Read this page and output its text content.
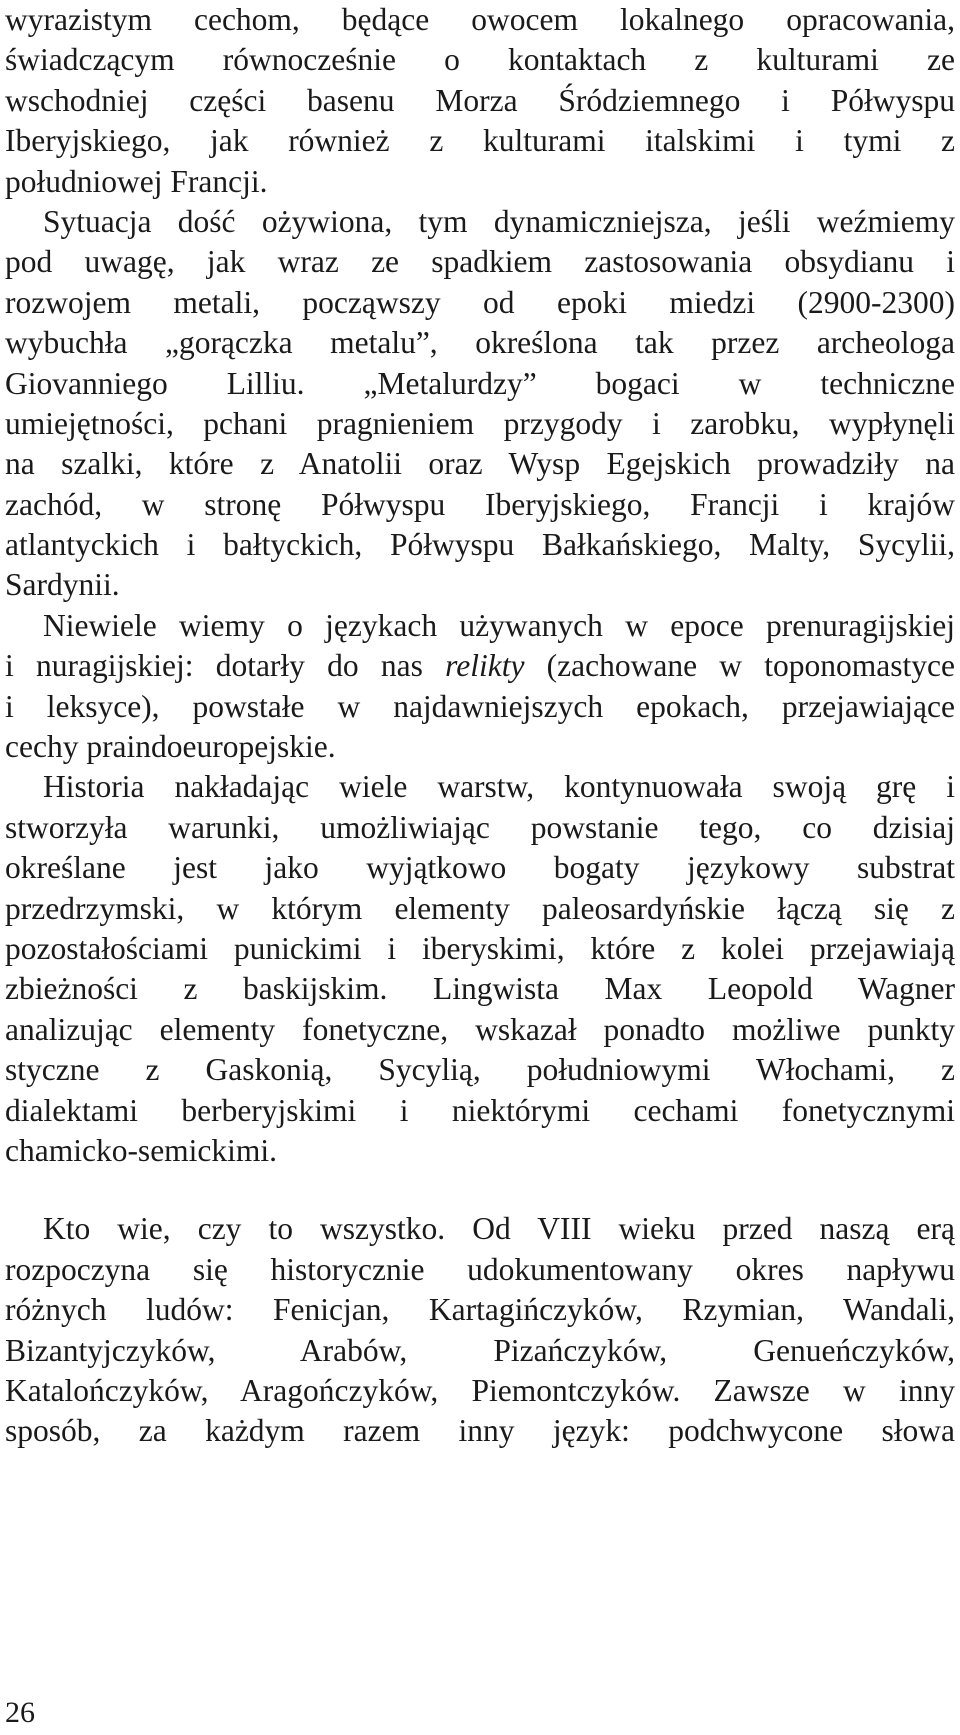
wyrazistym cechom, będące owocem lokalnego opracowania,
świadczącym równocześnie o kontaktach z kulturami ze
wschodniej części basenu Morza Śródziemnego i Półwyspu
Iberyjskiego, jak również z kulturami italskimi i tymi z
południowej Francji.
Sytuacja dość ożywiona, tym dynamiczniejsza, jeśli weźmiemy
pod uwagę, jak wraz ze spadkiem zastosowania obsydianu i
rozwojem metali, począwszy od epoki miedzi (2900-2300)
wybuchła „gorączka metalu”, określona tak przez archeologa
Giovanniego Lilliu. „Metalurdzy” bogaci w techniczne
umiejętności, pchani pragnieniem przygody i zarobku, wypłynęli
na szalki, które z Anatolii oraz Wysp Egejskich prowadziły na
zachód, w stronę Półwyspu Iberyjskiego, Francji i krajów
atlantyckich i bałtyckich, Półwyspu Bałkańskiego, Malty, Sycylii,
Sardynii.
Niewiele wiemy o językach używanych w epoce prenuragijskiej
i nuragijskiej: dotarły do nas relikty (zachowane w toponomastyce
i leksyce), powstałe w najdawniejszych epokach, przejawiające
cechy praindoeuropejskie.
Historia nakładając wiele warstw, kontynuowała swoją grę i
stworzyła warunki, umożliwiając powstanie tego, co dzisiaj
określane jest jako wyjątkowo bogaty językowy substrat
przedrzymski, w którym elementy paleosardyńskie łączą się z
pozostałościami punickimi i iberyskimi, które z kolei przejawiają
zbieżności z baskijskim. Lingwista Max Leopold Wagner
analizując elementy fonetyczne, wskazał ponadto możliwe punkty
styczne z Gaskonią, Sycylią, południowymi Włochami, z
dialektami berberyjskimi i niektórymi cechami fonetycznymi
chamicko-semickimi.
Kto wie, czy to wszystko. Od VIII wieku przed naszą erą
rozpoczyna się historycznie udokumentowany okres napływu
różnych ludów: Fenicjan, Kartagińczyków, Rzymian, Wandali,
Bizantyjczyków, Arabów, Pizańczyków, Genueńczyków,
Katalończyków, Aragończyków, Piemontczyków. Zawsze w inny
sposób, za każdym razem inny język: podchwycone słowa
26
